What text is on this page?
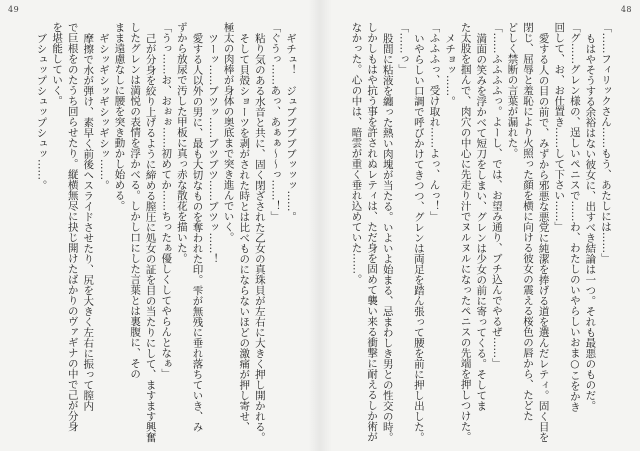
49	48
「……フィリックさん……もう、あたしには……」
もはやそうする余裕はない彼女に、出すべき結論は一つ。それも最悪のものだ。
「グ……グレン様の、逞しいペニスで……わ、わたしのいやらしいおま○こをかき
回して、お、お仕置き……して下さい……」
愛する人の目の前で、みずから邪悪な悪党に純潔を捧げる道を選んだレティ。固く目を
閉じ、屈辱と羞恥により火照った顔を横に向ける彼女の震える桜色の唇から、たどた
どしく禁断の言葉が漏れた。
「……ふふふふっ。よーし、では、お望み通り、ブチ込んでやるぜ……」
満面の笑みを浮かべて短刀をしまい、グレンは少女の前に寄ってくる。そしてま
た太股を掴んで、肉穴の中心に先走り汁でヌルヌルになったペニスの先端を押しつけた。
メチョッ……。
「ふふふっ、受け取れ……よっ、んっ！」
いやらしい口調で呼びかけてきつつ、グレンは両足を踏ん張って腰を前に押し出した。
「……っ」
股間に粘液を纏った熱い肉塊が当たる。いよいよ始まる、忌まわしき男との性交の時。
しかしもはや抗う事を許されぬレティは、ただ身を固めて襲い来る衝撃に耐えるしか術が
なかった。心の中は、暗雲が重く垂れ込めていた……。
ギチュ！　ジュブブブブブッッッ……。
「ぐうっ……あっ、あぁぁ～～っ……！」
粘り気のある水音と共に、固く閉ざされた乙女の真珠貝が左右に大きく押し開かれる。
そして貝殻ショーツを剥がされた時とは比べものにならないほどの激痛が押し寄せ、
極太の肉棒が身体の奥底まで突き進んでいく。
ツーッ……ブツッ……ブツブツ……ブツッ……！
愛する人以外の男に、最も大切なものを奪われた印。雫が無残に垂れ落ちていき、み
ずから放尿で汚した甲板に真っ赤な散花を描いた。
「うっ……お、おぉぉ……初めてか……ちったぁ優しくしてやらんとなぁ」
己が分身を絞り上げるように締める膣圧に処女の証を目の当たりにして、ますます興奮
したグレンは満悦の表情を浮かべる。しかし口にした言葉とは裏腹に、その
まま遠慮なしに腰を突き動かし始める。
ギシッギシッギシッギシッ……。
摩擦で水が弾け、素早く前後へスライドさせたり、尻を大きく左右に振って膣内
で巨根をのたうち回らせたり。縦横無尽に抉じ開けたばかりのヴァギナの中で己が分身
を堪能していく。
ブシュップシュップシュッ……。
